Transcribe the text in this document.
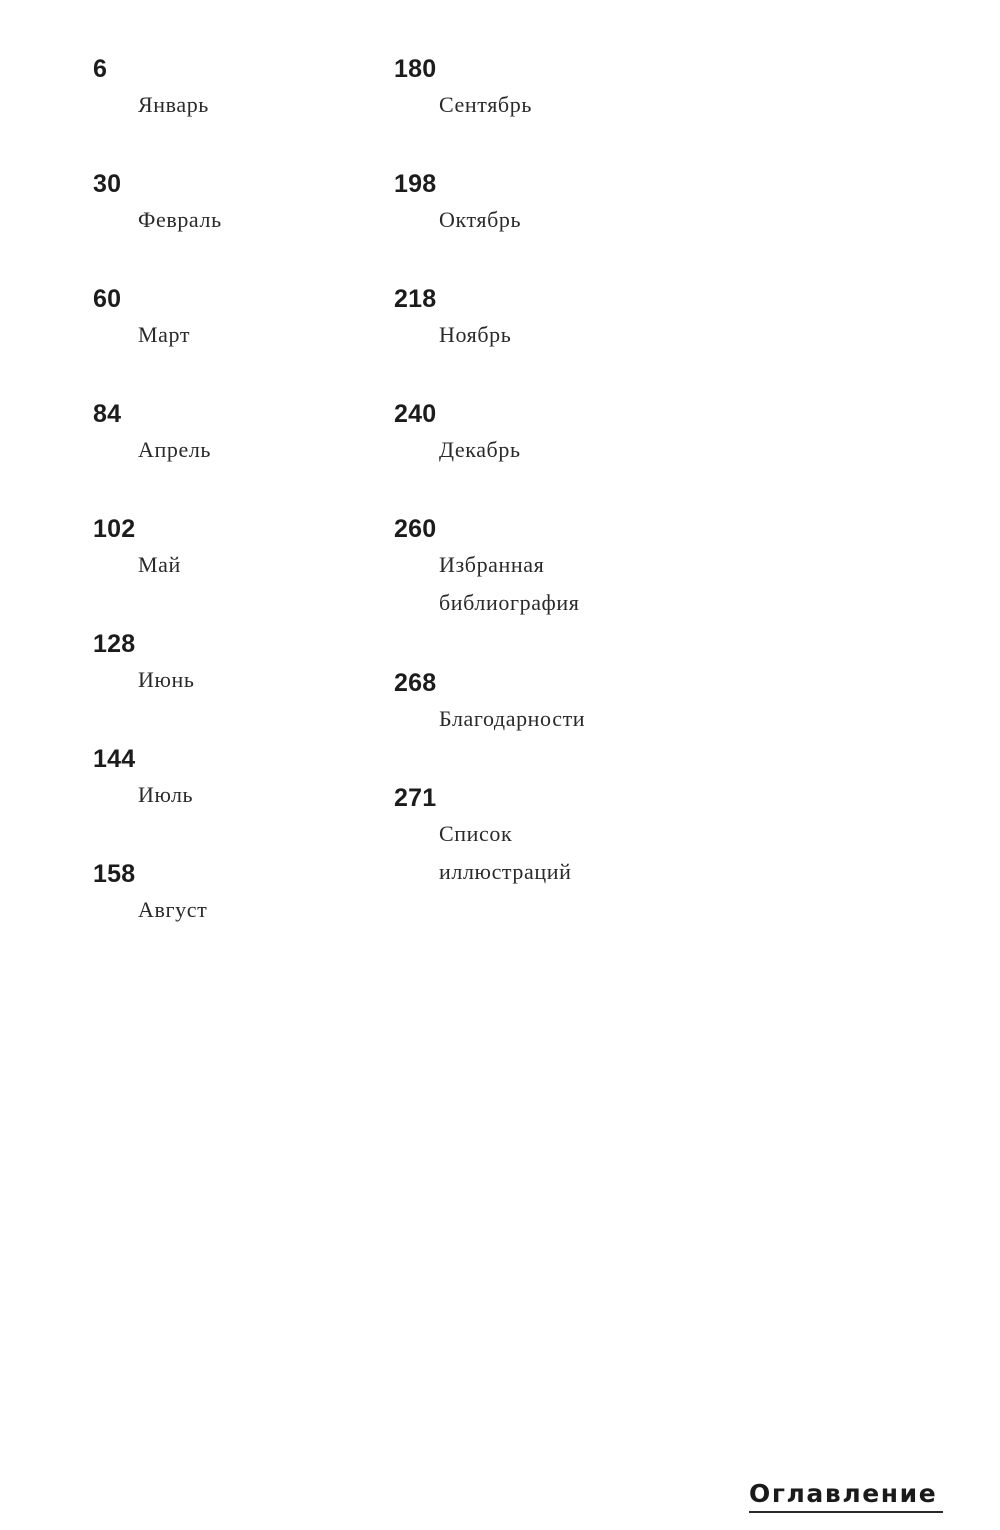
6
Январь
30
Февраль
60
Март
84
Апрель
102
Май
128
Июнь
144
Июль
158
Август
180
Сентябрь
198
Октябрь
218
Ноябрь
240
Декабрь
260
Избранная
библиография
268
Благодарности
271
Список
иллюстраций
Оглавление
